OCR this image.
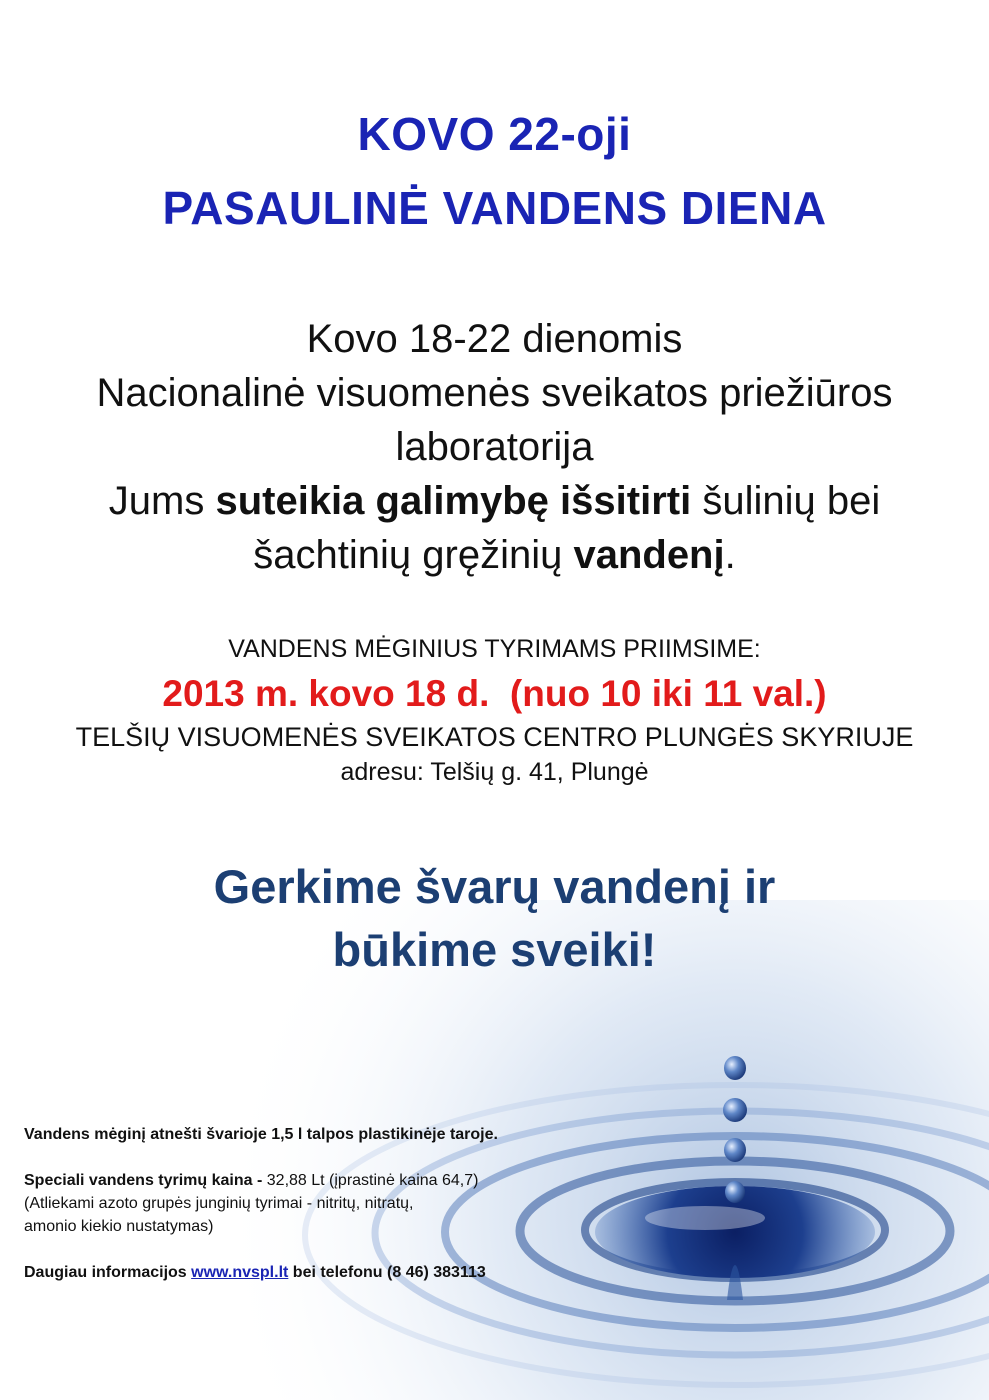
KOVO 22-oji
PASAULINĖ VANDENS DIENA
Kovo 18-22 dienomis
Nacionalinė visuomenės sveikatos priežiūros
laboratorija
Jums suteikia galimybę išsitirti šulinių bei
šachtinių gręžinių vandenį.
VANDENS MĖGINIUS TYRIMAMS PRIIMSIME:
2013 m. kovo 18 d.  (nuo 10 iki 11 val.)
TELŠIŲ VISUOMENĖS SVEIKATOS CENTRO PLUNGĖS SKYRIUJE
adresu: Telšių g. 41, Plungė
Gerkime švarų vandenį ir
būkime sveiki!

Vandens mėginį atnešti švarioje 1,5 l talpos plastikinėje taroje.

Speciali vandens tyrimų kaina - 32,88 Lt (įprastinė kaina 64,7)

(Atliekami azoto grupės junginių tyrimai - nitritų, nitratų,

amonio kiekio nustatymas)

Daugiau informacijos www.nvspl.lt bei telefonu (8 46) 383113
